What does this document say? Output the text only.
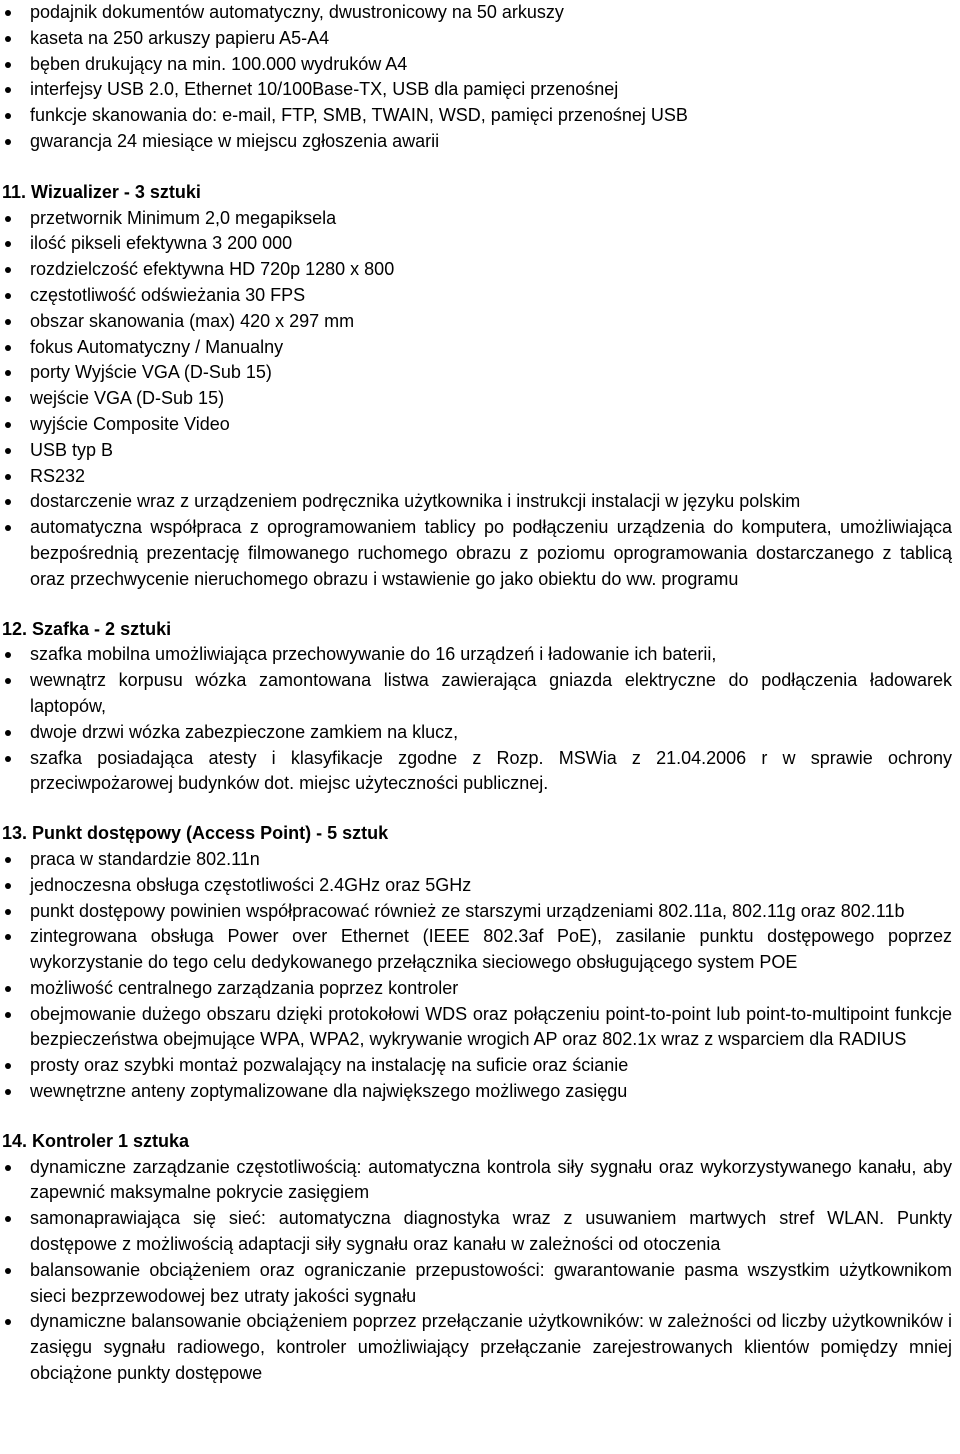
podajnik dokumentów automatyczny, dwustronicowy na 50 arkuszy
kaseta na 250 arkuszy papieru A5-A4
bęben drukujący na min. 100.000 wydruków A4
interfejsy USB 2.0, Ethernet 10/100Base-TX, USB dla pamięci przenośnej
funkcje skanowania do: e-mail, FTP, SMB, TWAIN, WSD, pamięci przenośnej USB
gwarancja 24 miesiące w miejscu zgłoszenia awarii
11. Wizualizer - 3 sztuki
przetwornik Minimum 2,0 megapiksela
ilość pikseli efektywna 3 200 000
rozdzielczość efektywna HD 720p 1280 x 800
częstotliwość odświeżania 30 FPS
obszar skanowania (max) 420 x 297 mm
fokus Automatyczny / Manualny
porty Wyjście VGA (D-Sub 15)
wejście VGA (D-Sub 15)
wyjście Composite Video
USB typ B
RS232
dostarczenie wraz z urządzeniem podręcznika użytkownika i instrukcji instalacji w języku polskim
automatyczna współpraca z oprogramowaniem tablicy po podłączeniu urządzenia do komputera, umożliwiająca bezpośrednią prezentację filmowanego ruchomego obrazu z poziomu oprogramowania dostarczanego z tablicą oraz przechwycenie nieruchomego obrazu i wstawienie go jako obiektu do ww. programu
12. Szafka - 2 sztuki
szafka mobilna umożliwiająca przechowywanie do 16 urządzeń i ładowanie ich baterii,
wewnątrz korpusu wózka zamontowana listwa zawierająca gniazda elektryczne do podłączenia ładowarek laptopów,
dwoje drzwi wózka zabezpieczone zamkiem na klucz,
szafka posiadająca atesty i klasyfikacje zgodne z Rozp. MSWia z 21.04.2006 r w sprawie ochrony przeciwpożarowej budynków dot. miejsc użyteczności publicznej.
13. Punkt dostępowy (Access Point) - 5 sztuk
praca w standardzie 802.11n
jednoczesna obsługa częstotliwości 2.4GHz oraz 5GHz
punkt dostępowy powinien współpracować również ze starszymi urządzeniami 802.11a, 802.11g oraz 802.11b
zintegrowana obsługa Power over Ethernet (IEEE 802.3af PoE), zasilanie punktu dostępowego poprzez wykorzystanie do tego celu dedykowanego przełącznika sieciowego obsługującego system POE
możliwość centralnego zarządzania poprzez kontroler
obejmowanie dużego obszaru dzięki protokołowi WDS oraz połączeniu point-to-point lub point-to-multipoint funkcje bezpieczeństwa obejmujące WPA, WPA2, wykrywanie wrogich AP oraz 802.1x wraz z wsparciem dla RADIUS
prosty oraz szybki montaż pozwalający na instalację na suficie oraz ścianie
wewnętrzne anteny zoptymalizowane dla największego możliwego zasięgu
14. Kontroler 1 sztuka
dynamiczne zarządzanie częstotliwością: automatyczna kontrola siły sygnału oraz wykorzystywanego kanału, aby zapewnić maksymalne pokrycie zasięgiem
samonaprawiająca się sieć: automatyczna diagnostyka wraz z usuwaniem martwych stref WLAN. Punkty dostępowe z możliwością adaptacji siły sygnału oraz kanału w zależności od otoczenia
balansowanie obciążeniem oraz ograniczanie przepustowości: gwarantowanie pasma wszystkim użytkownikom sieci bezprzewodowej bez utraty jakości sygnału
dynamiczne balansowanie obciążeniem poprzez przełączanie użytkowników: w zależności od liczby użytkowników i zasięgu sygnału radiowego, kontroler umożliwiający przełączanie zarejestrowanych klientów pomiędzy mniej obciążone punkty dostępowe
